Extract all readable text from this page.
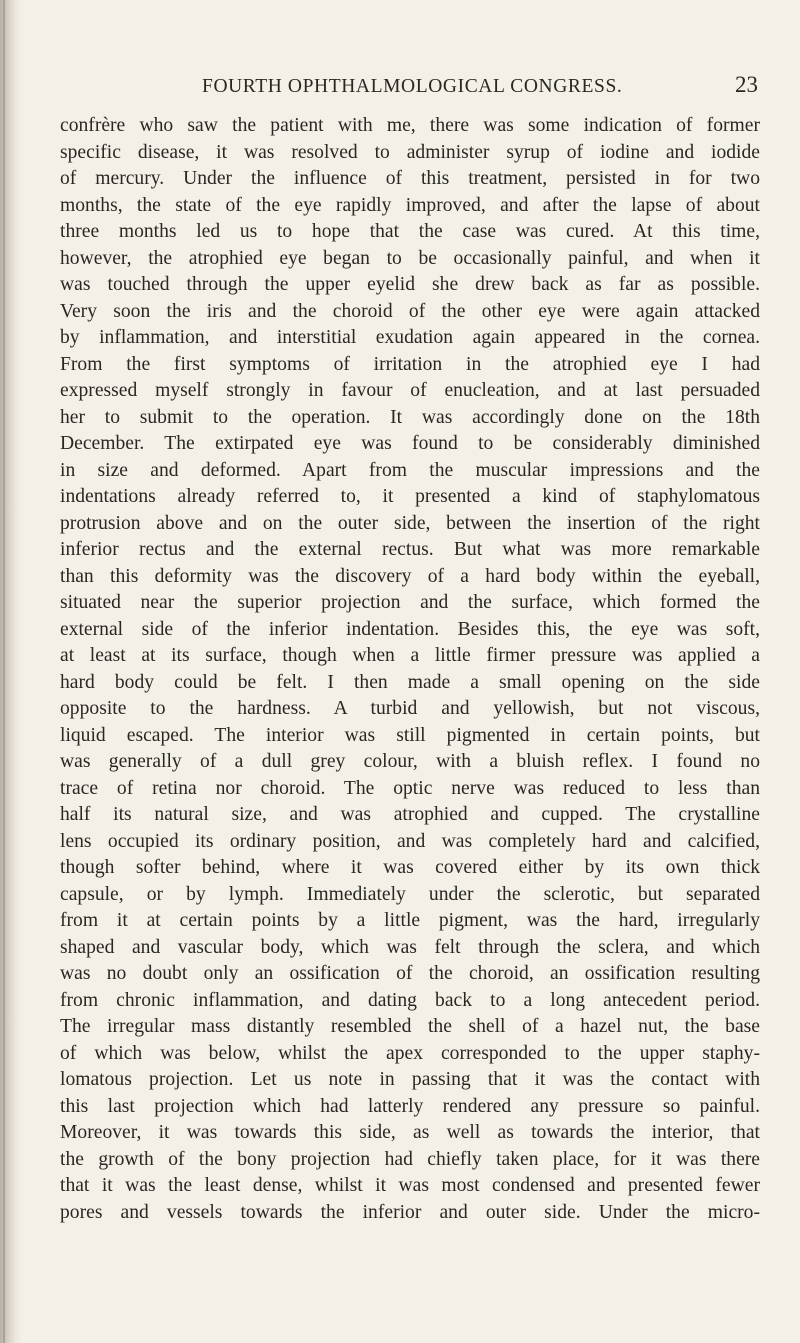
FOURTH OPHTHALMOLOGICAL CONGRESS.	23
confrère who saw the patient with me, there was some indication of former
specific disease, it was resolved to administer syrup of iodine and iodide
of mercury. Under the influence of this treatment, persisted in for two
months, the state of the eye rapidly improved, and after the lapse of about
three months led us to hope that the case was cured. At this time,
however, the atrophied eye began to be occasionally painful, and when it
was touched through the upper eyelid she drew back as far as possible.
Very soon the iris and the choroid of the other eye were again attacked
by inflammation, and interstitial exudation again appeared in the cornea.
From the first symptoms of irritation in the atrophied eye I had
expressed myself strongly in favour of enucleation, and at last persuaded
her to submit to the operation. It was accordingly done on the 18th
December. The extirpated eye was found to be considerably diminished
in size and deformed. Apart from the muscular impressions and the
indentations already referred to, it presented a kind of staphylomatous
protrusion above and on the outer side, between the insertion of the right
inferior rectus and the external rectus. But what was more remarkable
than this deformity was the discovery of a hard body within the eyeball,
situated near the superior projection and the surface, which formed the
external side of the inferior indentation. Besides this, the eye was soft,
at least at its surface, though when a little firmer pressure was applied a
hard body could be felt. I then made a small opening on the side
opposite to the hardness. A turbid and yellowish, but not viscous,
liquid escaped. The interior was still pigmented in certain points, but
was generally of a dull grey colour, with a bluish reflex. I found no
trace of retina nor choroid. The optic nerve was reduced to less than
half its natural size, and was atrophied and cupped. The crystalline
lens occupied its ordinary position, and was completely hard and calcified,
though softer behind, where it was covered either by its own thick
capsule, or by lymph. Immediately under the sclerotic, but separated
from it at certain points by a little pigment, was the hard, irregularly
shaped and vascular body, which was felt through the sclera, and which
was no doubt only an ossification of the choroid, an ossification resulting
from chronic inflammation, and dating back to a long antecedent period.
The irregular mass distantly resembled the shell of a hazel nut, the base
of which was below, whilst the apex corresponded to the upper staphy-
lomatous projection. Let us note in passing that it was the contact with
this last projection which had latterly rendered any pressure so painful.
Moreover, it was towards this side, as well as towards the interior, that
the growth of the bony projection had chiefly taken place, for it was there
that it was the least dense, whilst it was most condensed and presented fewer
pores and vessels towards the inferior and outer side. Under the micro-
